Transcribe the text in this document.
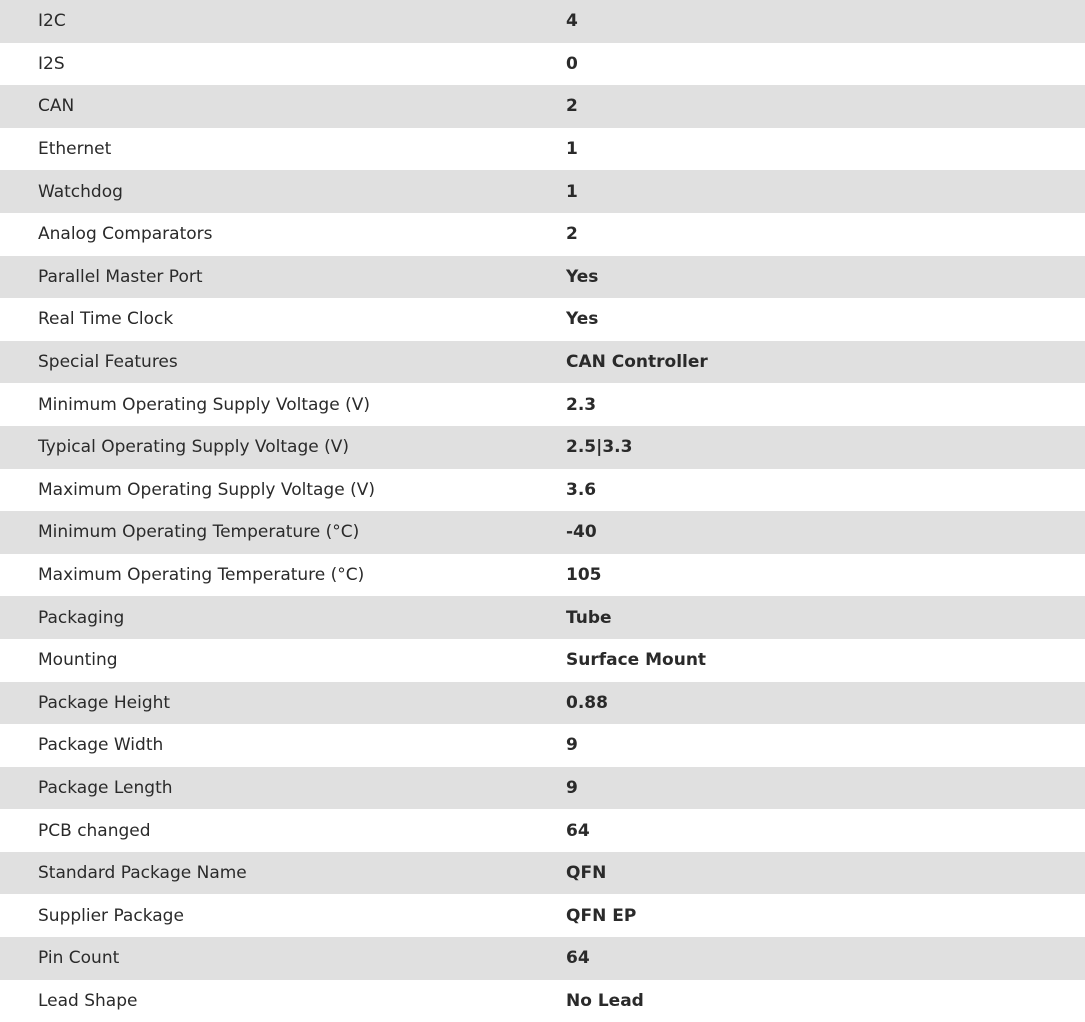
I2C	4
I2S	0
CAN	2
Ethernet	1
Watchdog	1
Analog Comparators	2
Parallel Master Port	Yes
Real Time Clock	Yes
Special Features	CAN Controller
Minimum Operating Supply Voltage (V)	2.3
Typical Operating Supply Voltage (V)	2.5|3.3
Maximum Operating Supply Voltage (V)	3.6
Minimum Operating Temperature (°C)	-40
Maximum Operating Temperature (°C)	105
Packaging	Tube
Mounting	Surface Mount
Package Height	0.88
Package Width	9
Package Length	9
PCB changed	64
Standard Package Name	QFN
Supplier Package	QFN EP
Pin Count	64
Lead Shape	No Lead
